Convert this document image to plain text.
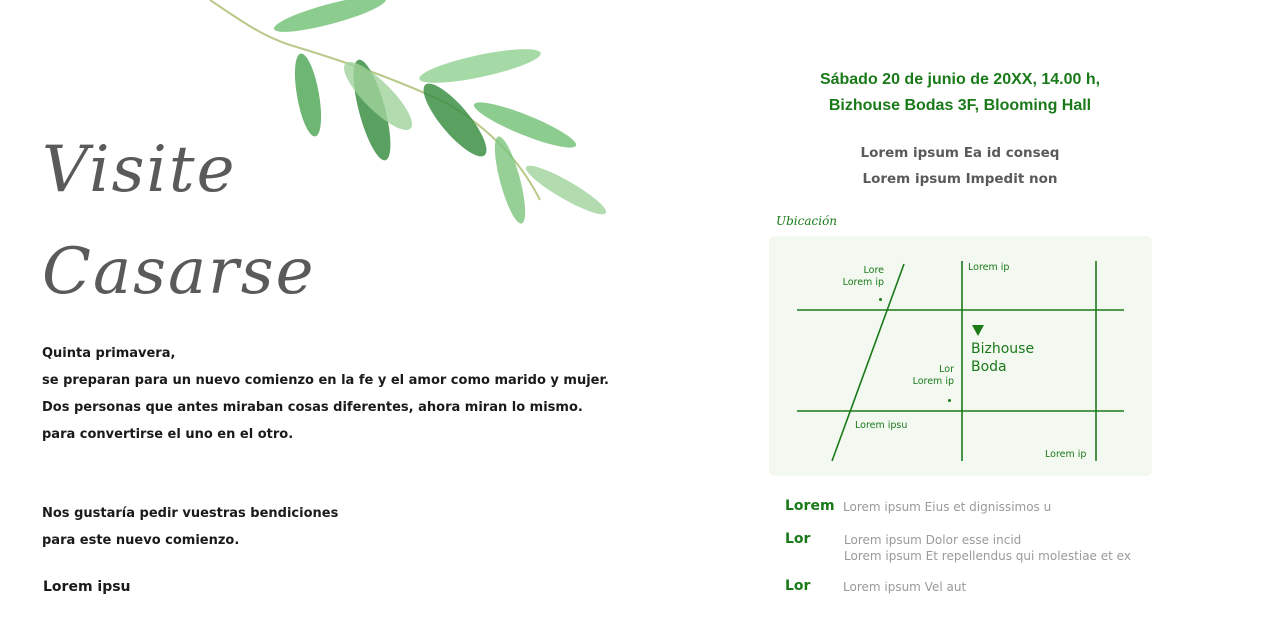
Visite
Casarse
Quinta primavera,
se preparan para un nuevo comienzo en la fe y el amor como marido y mujer.
Dos personas que antes miraban cosas diferentes, ahora miran lo mismo.
para convertirse el uno en el otro.
Nos gustaría pedir vuestras bendiciones
para este nuevo comienzo.
Lorem ipsu
Sábado 20 de junio de 20XX, 14.00 h,
Bizhouse Bodas 3F, Blooming Hall
Lorem ipsum Ea id conseq
Lorem ipsum Impedit non
Ubicación
Lore
Lorem ip
Lorem ip
Bizhouse
Boda
Lor
Lorem ip
Lorem ipsu
Lorem ip
Lorem Lorem ipsum Eius et dignissimos u
Lor	Lorem ipsum Dolor esse incid
Lorem ipsum Et repellendus qui molestiae et ex
Lor	Lorem ipsum Vel aut
